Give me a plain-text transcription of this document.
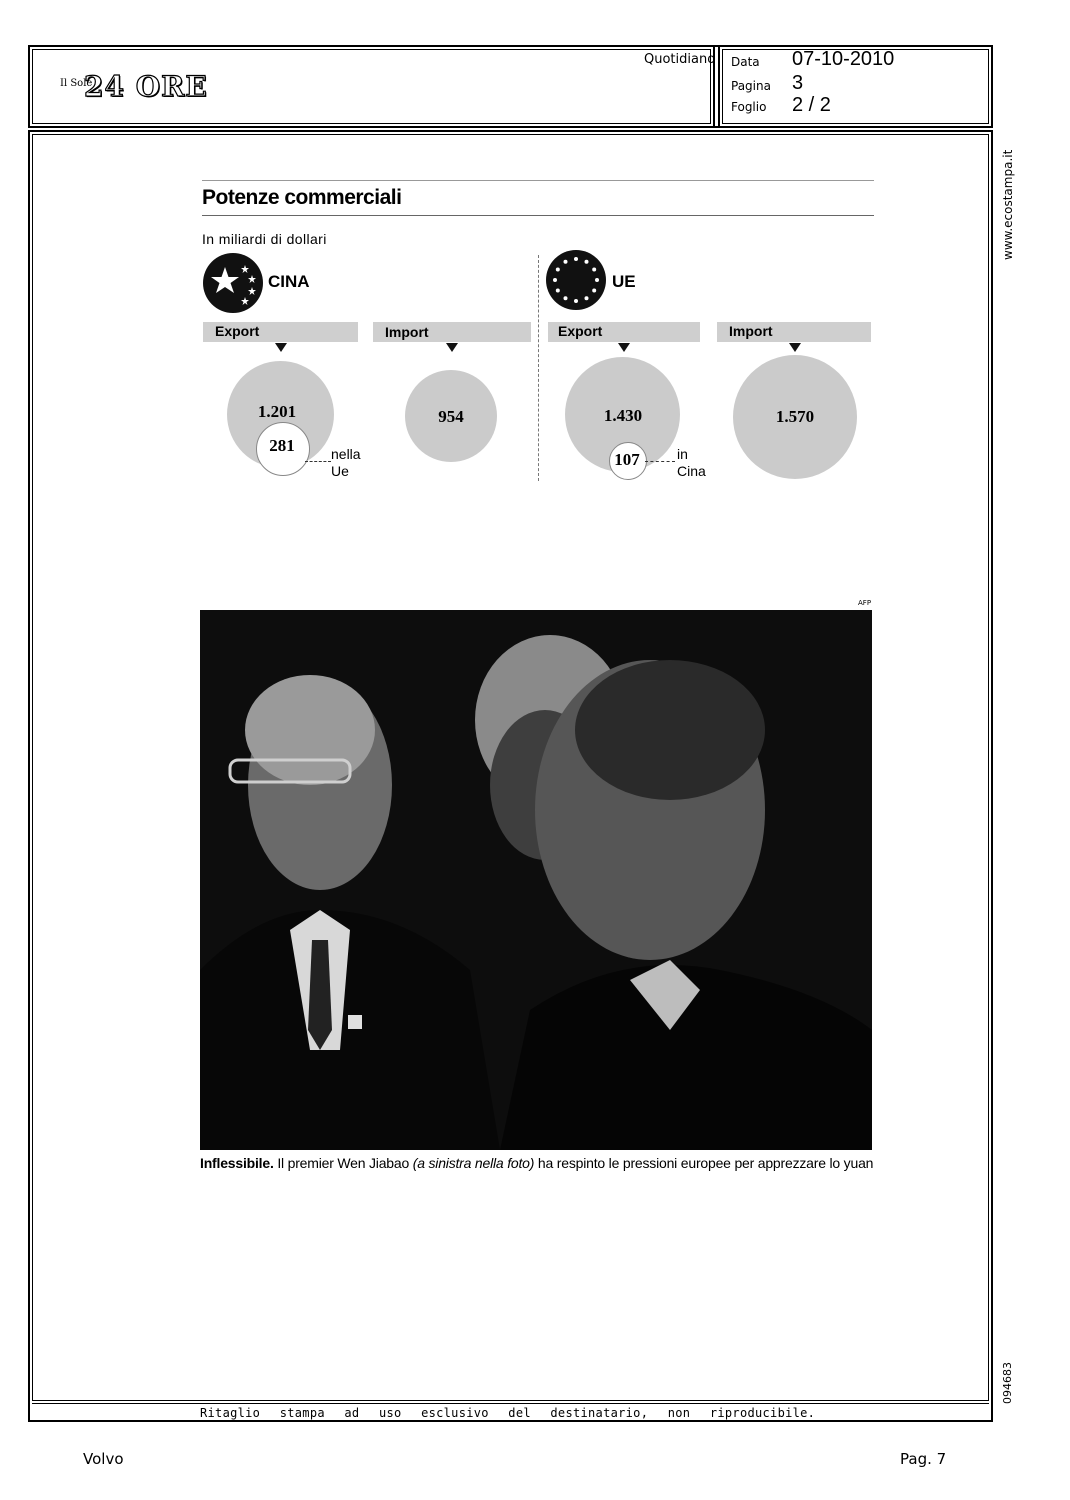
Il Sole
24 ORE
Quotidiano Data 07-10-2010
Pagina 3
Foglio 2 / 2
www.ecostampa.it
094683
Potenze commerciali
In miliardi di dollari
CINA
Export	Import
1.201
281	nella
Ue
954
UE
Export	Import
1.430
107	in
Cina
1.570
AFP
Inflessibile. Il premier Wen Jiabao (a sinistra nella foto) ha respinto le pressioni europee per apprezzare lo yuan
Ritaglio stampa ad uso esclusivo del destinatario, non riproducibile.
Volvo	Pag. 7
